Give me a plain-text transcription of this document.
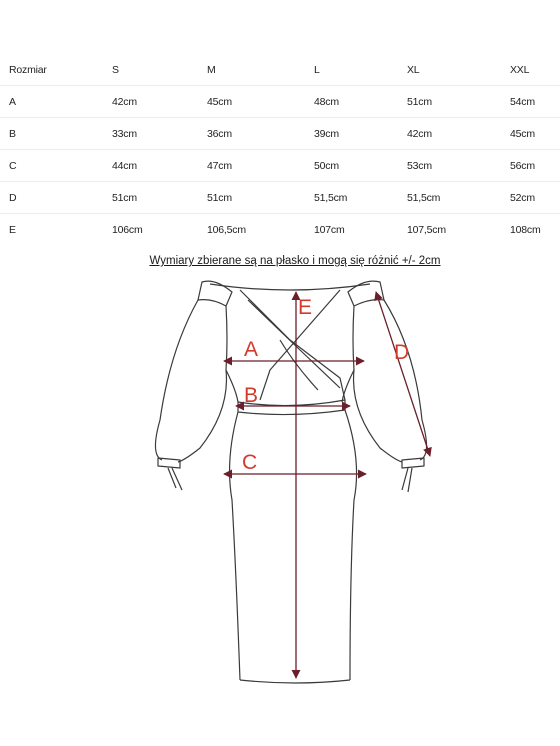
Rozmiar	S	M	L	XL	XXL
A	42cm	45cm	48cm	51cm	54cm
B	33cm	36cm	39cm	42cm	45cm
C	44cm	47cm	50cm	53cm	56cm
D	51cm	51cm	51,5cm	51,5cm	52cm
E	106cm	106,5cm	107cm	107,5cm	108cm
Wymiary zbierane są na płasko i mogą się różnić +/- 2cm
E
A
B
C
D
